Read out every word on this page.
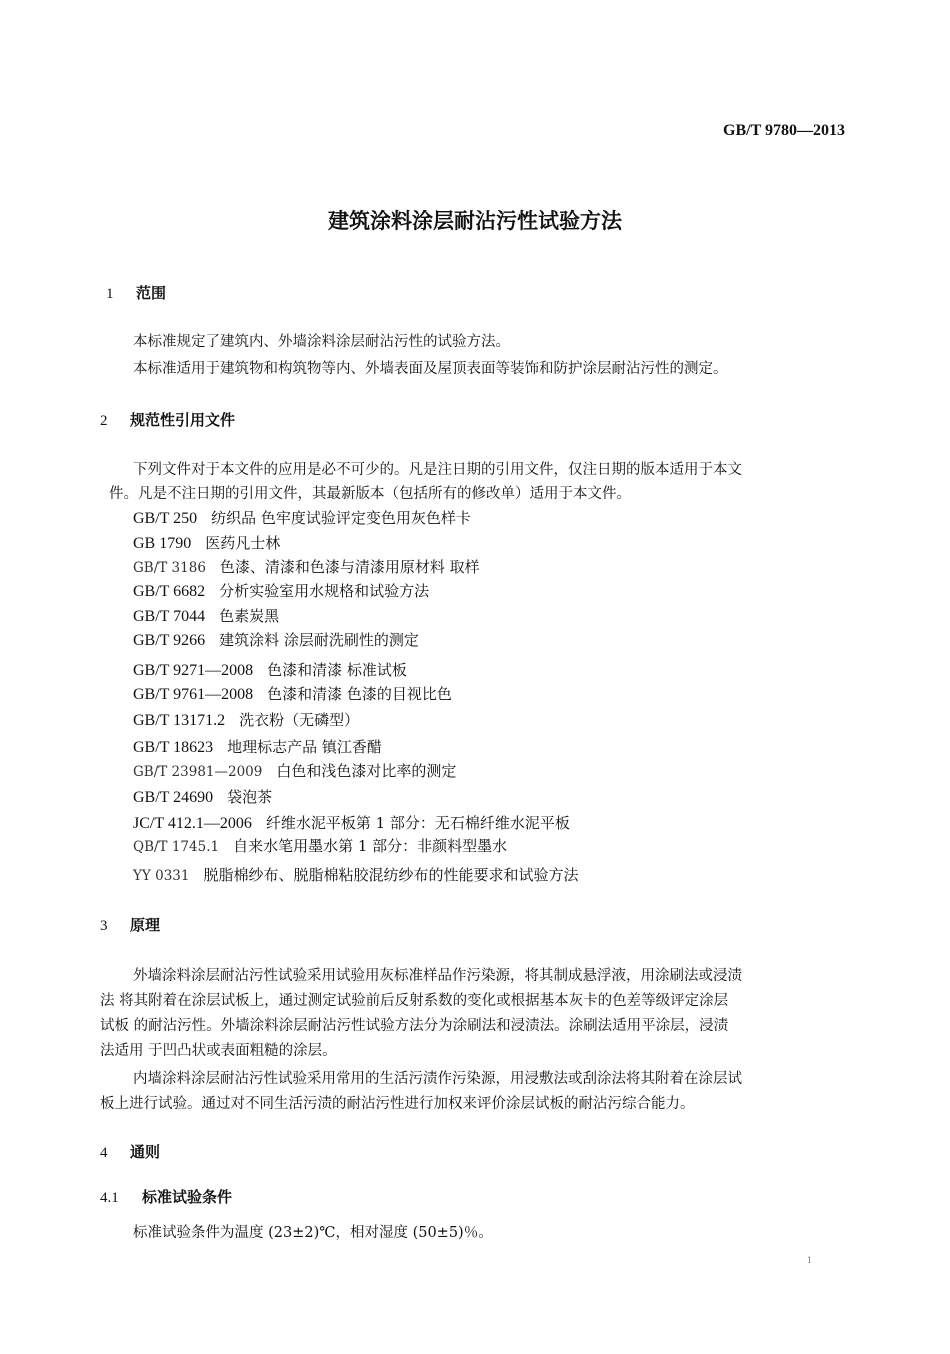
GB/T 9780—2013
建筑涂料涂层耐沾污性试验方法
1 范围
本标准规定了建筑内、外墙涂料涂层耐沾污性的试验方法。
本标准适用于建筑物和构筑物等内、外墙表面及屋顶表面等装饰和防护涂层耐沾污性的测定。
2 规范性引用文件
下列文件对于本文件的应用是必不可少的。凡是注日期的引用文件，仅注日期的版本适用于本文
件。凡是不注日期的引用文件，其最新版本（包括所有的修改单）适用于本文件。
GB/T 250 纺织品 色牢度试验评定变色用灰色样卡
GB 1790 医药凡士林
GB/T 3186 色漆、清漆和色漆与清漆用原材料 取样
GB/T 6682 分析实验室用水规格和试验方法
GB/T 7044 色素炭黑
GB/T 9266 建筑涂料 涂层耐洗刷性的测定
GB/T 9271—2008 色漆和清漆 标准试板
GB/T 9761—2008 色漆和清漆 色漆的目视比色
GB/T 13171.2 洗衣粉（无磷型）
GB/T 18623 地理标志产品 镇江香醋
GB/T 23981—2009 白色和浅色漆对比率的测定
GB/T 24690 袋泡茶
JC/T 412.1—2006 纤维水泥平板第 1 部分：无石棉纤维水泥平板
QB/T 1745.1 自来水笔用墨水第 1 部分：非颜料型墨水
YY 0331 脱脂棉纱布、脱脂棉粘胶混纺纱布的性能要求和试验方法
3 原理
外墙涂料涂层耐沾污性试验采用试验用灰标准样品作污染源，将其制成悬浮液，用涂刷法或浸渍
法 将其附着在涂层试板上，通过测定试验前后反射系数的变化或根据基本灰卡的色差等级评定涂层
试板 的耐沾污性。外墙涂料涂层耐沾污性试验方法分为涂刷法和浸渍法。涂刷法适用平涂层，浸渍
法适用 于凹凸状或表面粗糙的涂层。
内墙涂料涂层耐沾污性试验采用常用的生活污渍作污染源，用浸敷法或刮涂法将其附着在涂层试
板上进行试验。通过对不同生活污渍的耐沾污性进行加权来评价涂层试板的耐沾污综合能力。
4 通则
4.1 标准试验条件
标准试验条件为温度 (23±2)℃，相对湿度 (50±5)％。
1
